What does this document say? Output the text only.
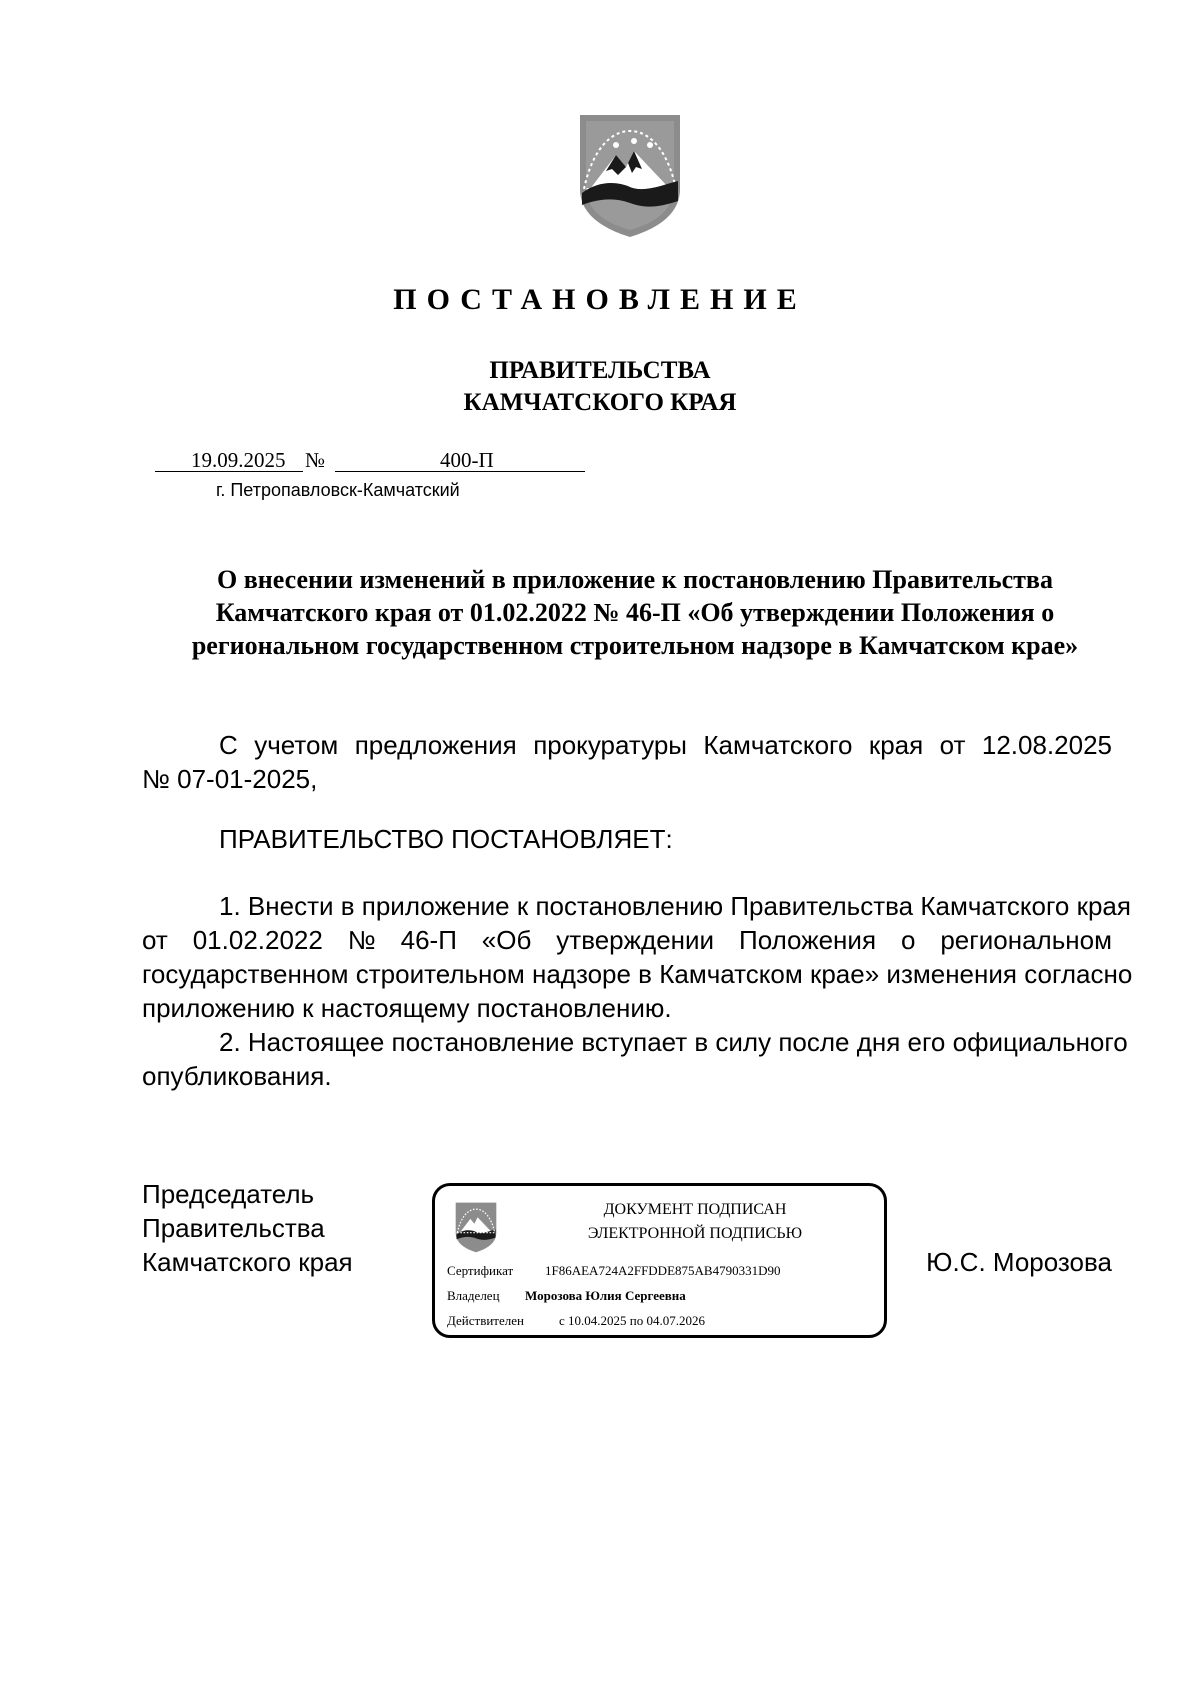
ПОСТАНОВЛЕНИЕ
ПРАВИТЕЛЬСТВА
КАМЧАТСКОГО КРАЯ
19.09.2025 №	400-П
г. Петропавловск-Камчатский
О внесении изменений в приложение к постановлению Правительства
Камчатского края от 01.02.2022 № 46-П «Об утверждении Положения о
региональном государственном строительном надзоре в Камчатском крае»
С учетом предложения прокуратуры Камчатского края от 12.08.2025
№ 07-01-2025,
ПРАВИТЕЛЬСТВО ПОСТАНОВЛЯЕТ:
1. Внести в приложение к постановлению Правительства Камчатского края
от 01.02.2022 № 46-П «Об утверждении Положения о региональном
государственном строительном надзоре в Камчатском крае» изменения согласно
приложению к настоящему постановлению.
2. Настоящее постановление вступает в силу после дня его официального
опубликования.
Председатель
Правительства
Камчатского края
ДОКУМЕНТ ПОДПИСАН
ЭЛЕКТРОННОЙ ПОДПИСЬЮ
Сертификат 1F86AEA724A2FFDDE875AB4790331D90
Владелец Морозова Юлия Сергеевна
Действителен	с 10.04.2025 по 04.07.2026
Ю.С. Морозова
